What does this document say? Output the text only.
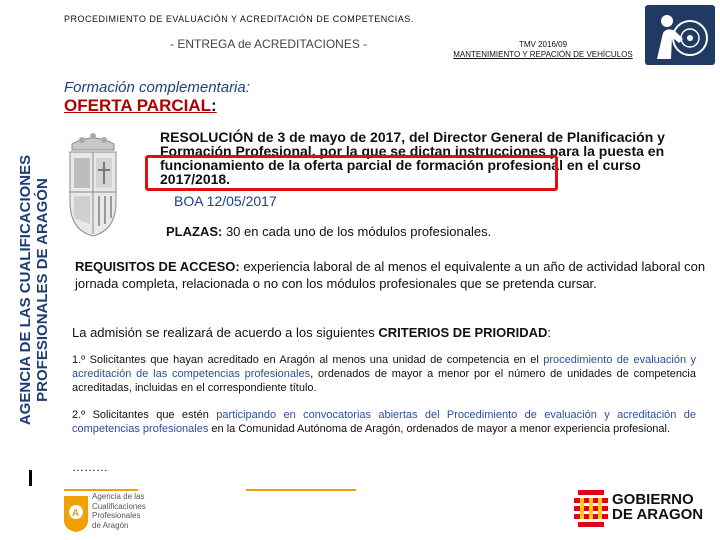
PROCEDIMIENTO DE EVALUACIÓN Y ACREDITACIÓN DE COMPETENCIAS.
- ENTREGA de ACREDITACIONES -	TMV 2016/09
MANTENIMIENTO Y REPACIÓN DE VEHÍCULOS
AGENCIA DE LAS CUALIFICACIONES PROFESIONALES DE ARAGÓN
Formación complementaria:
OFERTA PARCIAL:
RESOLUCIÓN de 3 de mayo de 2017, del Director General de Planificación y Formación Profesional, por la que se dictan instrucciones para la puesta en funcionamiento de la oferta parcial de formación profesional en el curso 2017/2018.
BOA 12/05/2017
PLAZAS: 30 en cada uno de los módulos profesionales.
REQUISITOS DE ACCESO: experiencia laboral de al menos el equivalente a un año de actividad laboral con jornada completa, relacionada o no con los módulos profesionales que se pretenda cursar.
La admisión se realizará de acuerdo a los siguientes CRITERIOS DE PRIORIDAD:
1.º Solicitantes que hayan acreditado en Aragón al menos una unidad de competencia en el procedimiento de evaluación y acreditación de las competencias profesionales, ordenados de mayor a menor por el número de unidades de competencia acreditadas, incluidas en el correspondiente título.
2.º Solicitantes que estén participando en convocatorias abiertas del Procedimiento de evaluación y acreditación de competencias profesionales en la Comunidad Autónoma de Aragón, ordenados de mayor a menor experiencia profesional.
………
A
Agencia de las
Cualificaciones
Profesionales
de Aragón
GOBIERNO
DE ARAGON
